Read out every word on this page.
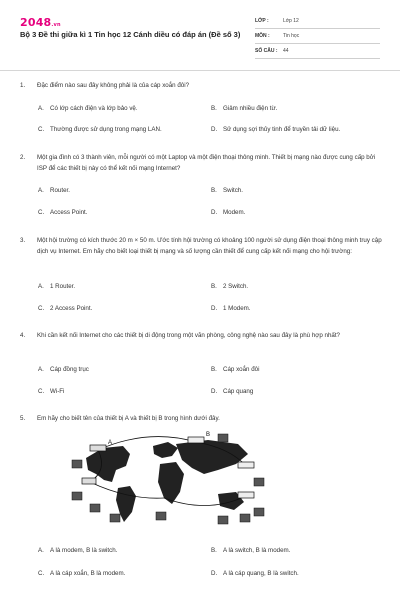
2048.vn
Bộ 3 Đề thi giữa kì 1 Tin học 12 Cánh diều có đáp án (Đề số 3)
LỚP :	Lớp 12
MÔN :	Tin học
SỐ CÂU : 44
1. Đặc điểm nào sau đây không phải là của cáp xoắn đôi?
A. Có lớp cách điện và lớp bảo vệ.	B. Giảm nhiều điện từ.
C. Thường được sử dụng trong mạng LAN.	D. Sử dụng sợi thủy tinh để truyền tải dữ liệu.
2. Một gia đình có 3 thành viên, mỗi người có một Laptop và một điện thoại thông minh. Thiết bị mạng nào được cung cấp bởi ISP để các thiết bị này có thể kết nối mạng Internet?
A. Router.	B. Switch.
C. Access Point.	D. Modem.
3. Một hội trường có kích thước 20 m × 50 m. Ước tính hội trường có khoảng 100 người sử dụng điện thoại thông minh truy cập dịch vụ Internet. Em hãy cho biết loại thiết bị mạng và số lượng cần thiết để cung cấp kết nối mạng cho hội trường:
A. 1 Router.	B. 2 Switch.
C. 2 Access Point.	D. 1 Modem.
4. Khi cần kết nối Internet cho các thiết bị di động trong một văn phòng, công nghệ nào sau đây là phù hợp nhất?
A. Cáp đồng trục	B. Cáp xoắn đôi
C. Wi-Fi	D. Cáp quang
5. Em hãy cho biết tên của thiết bị A và thiết bị B trong hình dưới đây.
A
B
A. A là modem, B là switch.	B. A là switch, B là modem.
C. A là cáp xoắn, B là modem.	D. A là cáp quang, B là switch.
